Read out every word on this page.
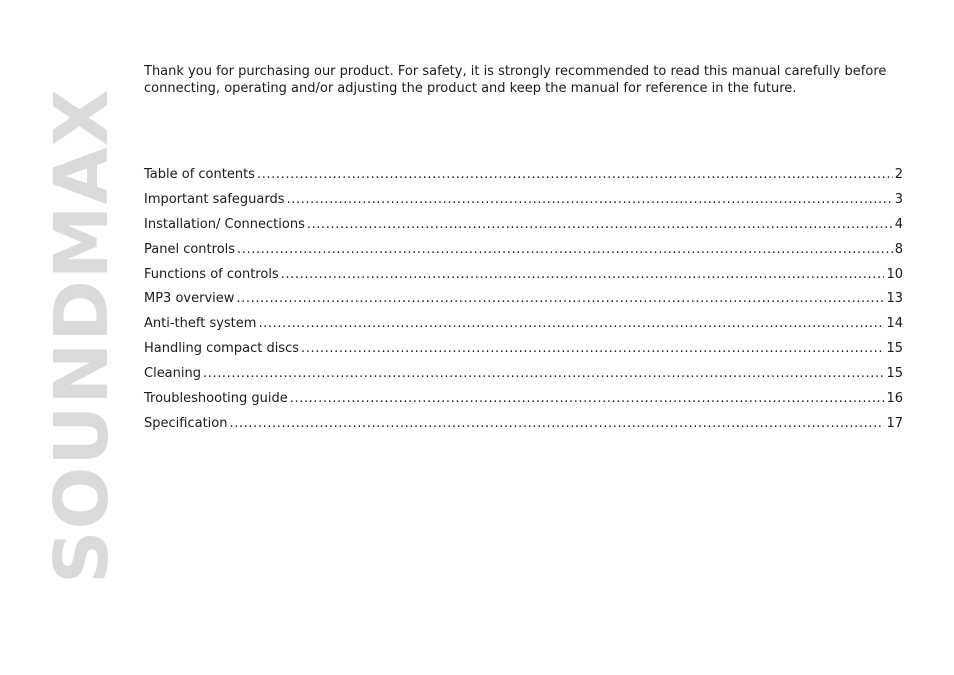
SOUNDMAX

Thank you for purchasing our product. For safety, it is strongly recommended to read this manual carefully before connecting, operating and/or adjusting the product and keep the manual for reference in the future.

Table of contents .....	2
Important safeguards .....	3
Installation/ Connections .....	4
Panel controls .....	8
Functions of controls .....	10
MP3 overview .....	13
Anti-theft system .....	14
Handling compact discs .....	15
Cleaning .....	15
Troubleshooting guide .....	16
Specification .....	17
